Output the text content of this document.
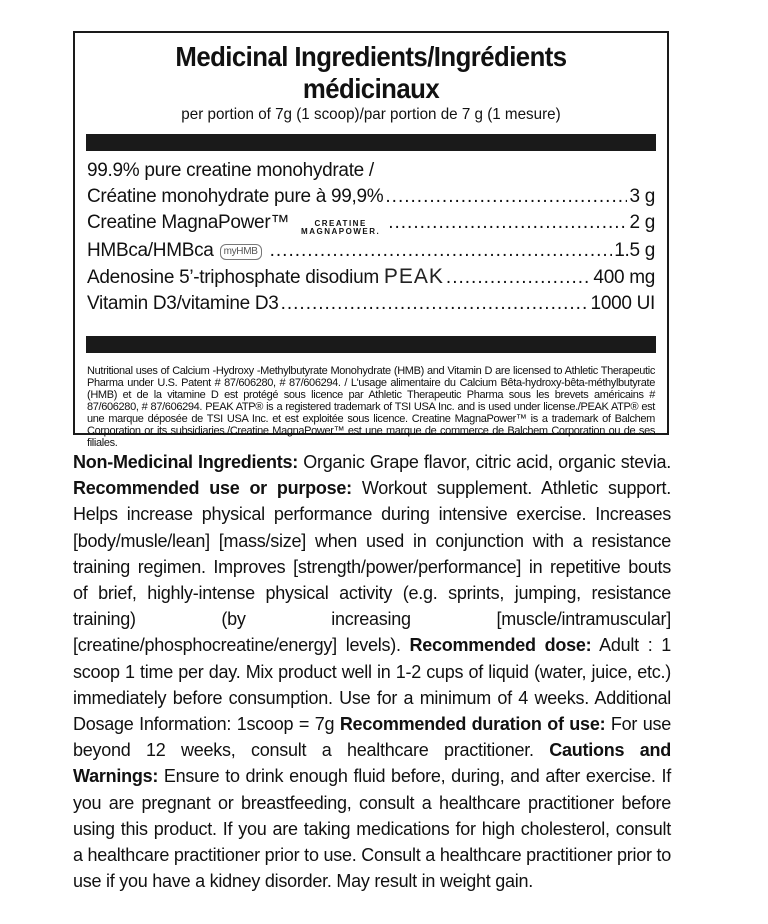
Medicinal Ingredients/Ingrédients médicinaux
per portion of 7g (1 scoop)/par portion de 7 g (1 mesure)
99.9% pure creatine monohydrate /
Créatine monohydrate pure à 99,9% .....	3 g
Creatine MagnaPower™	CREATINE
MAGNAPOWER. .....	2 g
HMBca/HMBca	myHMB .....	1.5 g
Adenosine 5’-triphosphate disodium PEAK .....	400 mg
Vitamin D3/vitamine D3 .....	1000 UI
Nutritional uses of Calcium -Hydroxy -Methylbutyrate Monohydrate (HMB) and Vitamin D are licensed to Athletic Therapeutic Pharma under U.S. Patent # 87/606280, # 87/606294. / L'usage alimentaire du Calcium Bêta-hydroxy-bêta-méthylbutyrate (HMB) et de la vitamine D est protégé sous licence par Athletic Therapeutic Pharma sous les brevets américains # 87/606280, # 87/606294. PEAK ATP® is a registered trademark of TSI USA Inc. and is used under license./PEAK ATP® est une marque déposée de TSI USA Inc. et est exploitée sous licence. Creatine MagnaPower™ is a trademark of Balchem Corporation or its subsidiaries./Creatine MagnaPower™ est une marque de commerce de Balchem Corporation ou de ses filiales.
Non-Medicinal Ingredients: Organic Grape flavor, citric acid, organic stevia. Recommended use or purpose: Workout supplement. Athletic support. Helps increase physical performance during intensive exercise. Increases [body/musle/lean] [mass/size] when used in conjunction with a resistance training regimen. Improves [strength/power/performance] in repetitive bouts of brief, highly-intense physical activity (e.g. sprints, jumping, resistance training) (by increasing [muscle/intramuscular] [creatine/phosphocreatine/energy] levels). Recommended dose: Adult : 1 scoop 1 time per day. Mix product well in 1-2 cups of liquid (water, juice, etc.) immediately before consumption. Use for a minimum of 4 weeks. Additional Dosage Information: 1scoop = 7g Recommended duration of use: For use beyond 12 weeks, consult a healthcare practitioner. Cautions and Warnings: Ensure to drink enough fluid before, during, and after exercise. If you are pregnant or breastfeeding, consult a healthcare practitioner before using this product. If you are taking medications for high cholesterol, consult a healthcare practitioner prior to use. Consult a healthcare practitioner prior to use if you have a kidney disorder. May result in weight gain.
